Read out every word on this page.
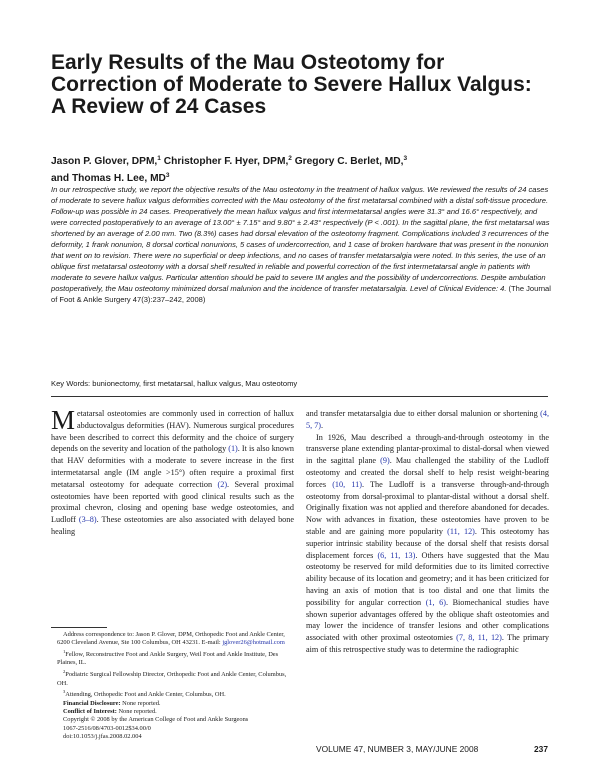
Early Results of the Mau Osteotomy for Correction of Moderate to Severe Hallux Valgus: A Review of 24 Cases
Jason P. Glover, DPM,$^1$ Christopher F. Hyer, DPM,$^2$ Gregory C. Berlet, MD,$^3$
and Thomas H. Lee, $MD^3$
In our retrospective study, we report the objective results of the Mau osteotomy in the treatment of hallux valgus. We reviewed the results of 24 cases of moderate to severe hallux valgus deformities corrected with the Mau osteotomy of the first metatarsal combined with a distal soft-tissue procedure. Follow-up was possible in 24 cases. Preoperatively the mean hallux valgus and first intermetatarsal angles were 31.3° and 16.6° respectively, and were corrected postoperatively to an average of 13.00° ± 7.15° and 9.80° ± 2.43° respectively (P < .001). In the sagittal plane, the first metatarsal was shortened by an average of 2.00 mm. Two (8.3%) cases had dorsal elevation of the osteotomy fragment. Complications included 3 recurrences of the deformity, 1 frank nonunion, 8 dorsal cortical nonunions, 5 cases of undercorrection, and 1 case of broken hardware that was present in the nonunion that went on to revision. There were no superficial or deep infections, and no cases of transfer metatarsalgia were noted. In this series, the use of an oblique first metatarsal osteotomy with a dorsal shelf resulted in reliable and powerful correction of the first intermetatarsal angle in patients with moderate to severe hallux valgus. Particular attention should be paid to severe IM angles and the possibility of undercorrections. Despite ambulation postoperatively, the Mau osteotomy minimized dorsal malunion and the incidence of transfer metatarsalgia. Level of Clinical Evidence: 4. (The Journal of Foot & Ankle Surgery 47(3):237–242, 2008)
Key Words: bunionectomy, first metatarsal, hallux valgus, Mau osteotomy
M etatarsal osteotomies are commonly used in correction of hallux abductovalgus deformities (HAV). Numerous surgical procedures have been described to correct this deformity and the choice of surgery depends on the severity and location of the pathology (1). It is also known that HAV deformities with a moderate to severe increase in the first intermetatarsal angle (IM angle >15°) often require a proximal first metatarsal osteotomy for adequate correction (2). Several proximal osteotomies have been reported with good clinical results such as the proximal chevron, closing and opening base wedge osteotomies, and Ludloff (3–8). These osteotomies are also associated with delayed bone healing

and transfer metatarsalgia due to either dorsal malunion or shortening (4, 5, 7).

In 1926, Mau described a through-and-through osteotomy in the transverse plane extending plantar-proximal to distal-dorsal when viewed in the sagittal plane (9). Mau challenged the stability of the Ludloff osteotomy and created the dorsal shelf to help resist weight-bearing forces (10, 11). The Ludloff is a transverse through-and-through osteotomy from dorsal-proximal to plantar-distal without a dorsal shelf. Originally fixation was not applied and therefore abandoned for decades. Now with advances in fixation, these osteotomies have proven to be stable and are gaining more popularity (11, 12). This osteotomy has superior intrinsic stability because of the dorsal shelf that resists dorsal displacement forces (6, 11, 13). Others have suggested that the Mau osteotomy be reserved for mild deformities due to its limited corrective ability because of its location and geometry; and it has been criticized for having an axis of motion that is too distal and one that limits the possibility for angular correction (1, 6). Biomechanical studies have shown superior advantages offered by the oblique shaft osteotomies and may lower the incidence of transfer lesions and other complications associated with other proximal osteotomies (7, 8, 11, 12). The primary aim of this retrospective study was to determine the radiographic

Address correspondence to: Jason P. Glover, DPM, Orthopedic Foot and Ankle Center, 6200 Cleveland Avenue, Ste 100 Columbus, OH 43231. E-mail: jglover26@hotmail.com

$^1$Fellow, Reconstructive Foot and Ankle Surgery, Weil Foot and Ankle Institute, Des Plaines, IL.

$^2$Podiatric Surgical Fellowship Director, Orthopedic Foot and Ankle Center, Columbus, OH.

$^3$Attending, Orthopedic Foot and Ankle Center, Columbus, OH.

Financial Disclosure: None reported.

Conflict of Interest: None reported.

Copyright © 2008 by the American College of Foot and Ankle Surgeons

1067-2516/08/4703-0012$34.00/0

doi:10.1053/j.jfas.2008.02.004

VOLUME 47, NUMBER 3, MAY/JUNE 2008	237
